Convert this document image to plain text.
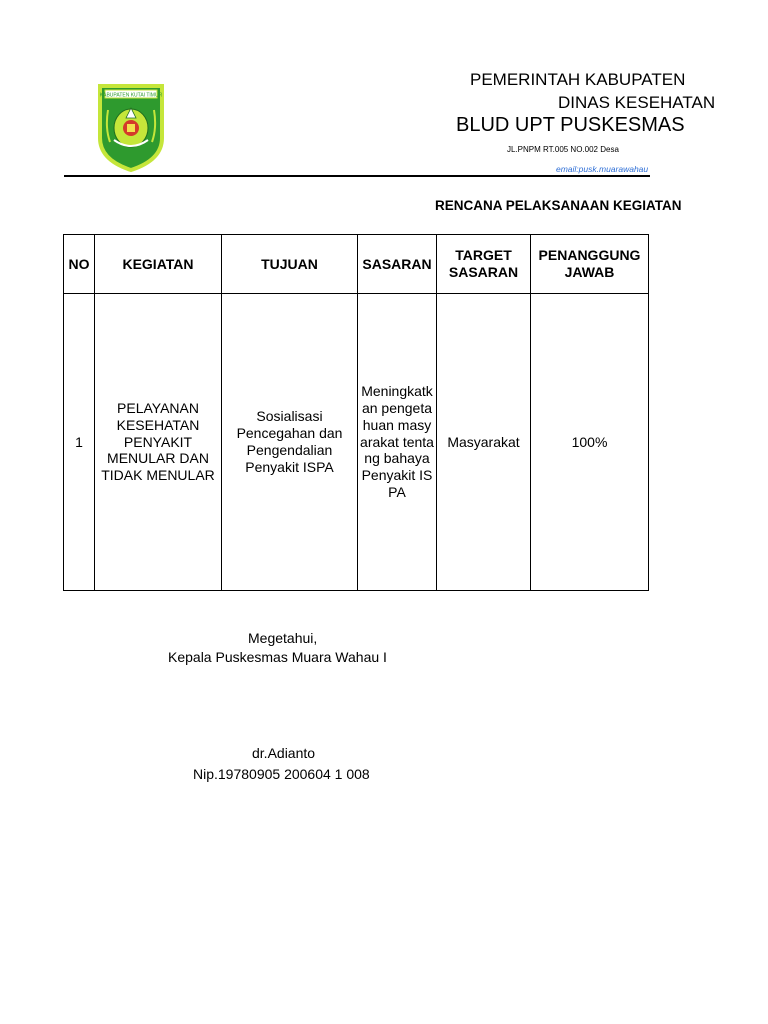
KABUPATEN KUTAI TIMUR
PEMERINTAH KABUPATEN
DINAS KESEHATAN
BLUD UPT PUSKESMAS
JL.PNPM RT.005 NO.002 Desa
email:pusk.muarawahau
RENCANA PELAKSANAAN KEGIATAN
NO	KEGIATAN	TUJUAN	SASARAN	TARGET SASARAN	PENANGGUNG JAWAB
1	PELAYANAN KESEHATAN PENYAKIT MENULAR DAN TIDAK MENULAR	Sosialisasi Pencegahan dan Pengendalian Penyakit ISPA	Meningkatkan pengetahuan masyarakat tentang bahaya Penyakit ISPA	Masyarakat	100%
Megetahui,
Kepala Puskesmas Muara Wahau I
dr.Adianto
Nip.19780905 200604 1 008
